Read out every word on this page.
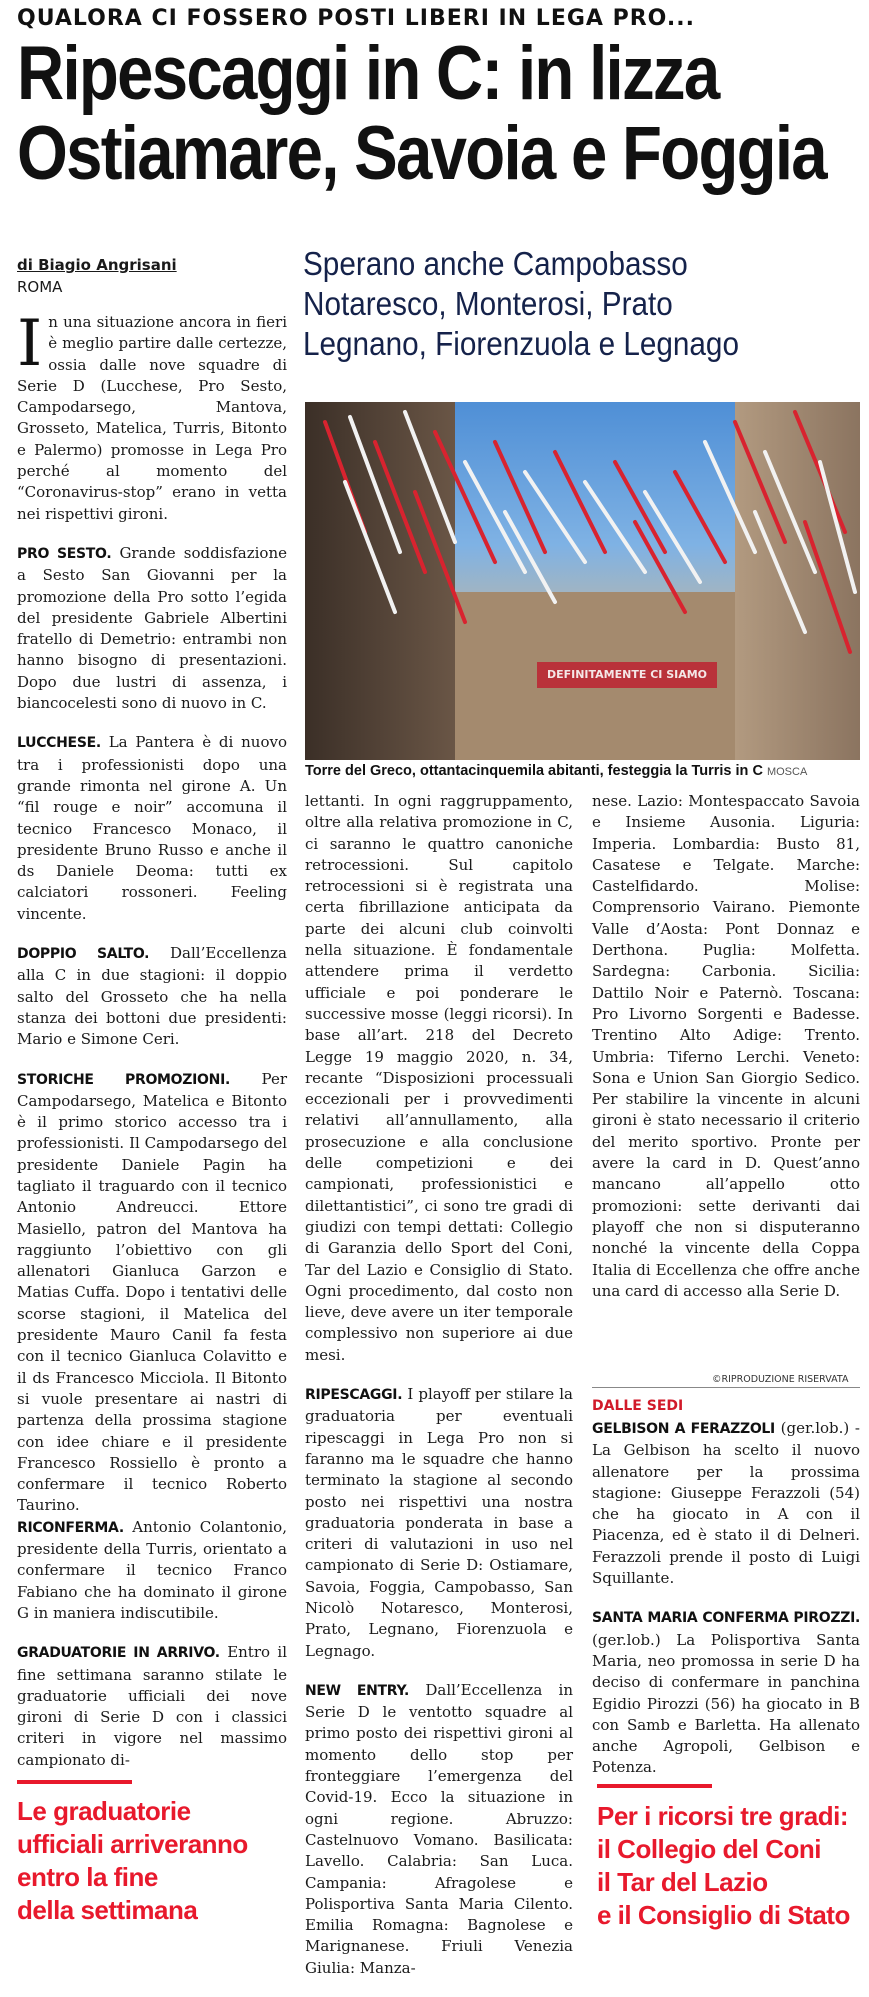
QUALORA CI FOSSERO POSTI LIBERI IN LEGA PRO...
Ripescaggi in C: in lizza
Ostiamare, Savoia e Foggia
di Biagio Angrisani
ROMA
Sperano anche Campobasso
Notaresco, Monterosi, Prato
Legnano, Fiorenzuola e Legnago

In una situazione ancora in fieri è meglio partire dalle certezze, ossia dalle nove squadre di Serie D (Lucchese, Pro Sesto, Campodarsego, Mantova, Grosseto, Matelica, Turris, Bitonto e Palermo) promosse in Lega Pro perché al momento del “Coronavirus-stop” erano in vetta nei rispettivi gironi.

PRO SESTO. Grande soddisfazione a Sesto San Giovanni per la promozione della Pro sotto l’egida del presidente Gabriele Albertini fratello di Demetrio: entrambi non hanno bisogno di presentazioni. Dopo due lustri di assenza, i biancocelesti sono di nuovo in C.

LUCCHESE. La Pantera è di nuovo tra i professionisti dopo una grande rimonta nel girone A. Un “fil rouge e noir” accomuna il tecnico Francesco Monaco, il presidente Bruno Russo e anche il ds Daniele Deoma: tutti ex calciatori rossoneri. Feeling vincente.

DOPPIO SALTO. Dall’Eccellenza alla C in due stagioni: il doppio salto del Grosseto che ha nella stanza dei bottoni due presidenti: Mario e Simone Ceri.

STORICHE PROMOZIONI. Per Campodarsego, Matelica e Bitonto è il primo storico accesso tra i professionisti. Il Campodarsego del presidente Daniele Pagin ha tagliato il traguardo con il tecnico Antonio Andreucci. Ettore Masiello, patron del Mantova ha raggiunto l’obiettivo con gli allenatori Gianluca Garzon e Matias Cuffa. Dopo i tentativi delle scorse stagioni, il Matelica del presidente Mauro Canil fa festa con il tecnico Gianluca Colavitto e il ds Francesco Micciola. Il Bitonto si vuole presentare ai nastri di partenza della prossima stagione con idee chiare e il presidente Francesco Rossiello è pronto a confermare il tecnico Roberto Taurino.

RICONFERMA. Antonio Colantonio, presidente della Turris, orientato a confermare il tecnico Franco Fabiano che ha dominato il girone G in maniera indiscutibile.

GRADUATORIE IN ARRIVO. Entro il fine settimana saranno stilate le graduatorie ufficiali dei nove gironi di Serie D con i classici criteri in vigore nel massimo campionato di-

DEFINITAMENTE CI SIAMO
Torre del Greco, ottantacinquemila abitanti, festeggia la Turris in C MOSCA

lettanti. In ogni raggruppamento, oltre alla relativa promozione in C, ci saranno le quattro canoniche retrocessioni. Sul capitolo retrocessioni si è registrata una certa fibrillazione anticipata da parte dei alcuni club coinvolti nella situazione. È fondamentale attendere prima il verdetto ufficiale e poi ponderare le successive mosse (leggi ricorsi). In base all’art. 218 del Decreto Legge 19 maggio 2020, n. 34, recante “Disposizioni processuali eccezionali per i provvedimenti relativi all’annullamento, alla prosecuzione e alla conclusione delle competizioni e dei campionati, professionistici e dilettantistici”, ci sono tre gradi di giudizi con tempi dettati: Collegio di Garanzia dello Sport del Coni, Tar del Lazio e Consiglio di Stato. Ogni procedimento, dal costo non lieve, deve avere un iter temporale complessivo non superiore ai due mesi.

RIPESCAGGI. I playoff per stilare la graduatoria per eventuali ripescaggi in Lega Pro non si faranno ma le squadre che hanno terminato la stagione al secondo posto nei rispettivi una nostra graduatoria ponderata in base a criteri di valutazioni in uso nel campionato di Serie D: Ostiamare, Savoia, Foggia, Campobasso, San Nicolò Notaresco, Monterosi, Prato, Legnano, Fiorenzuola e Legnago.

NEW ENTRY. Dall’Eccellenza in Serie D le ventotto squadre al primo posto dei rispettivi gironi al momento dello stop per fronteggiare l’emergenza del Covid-19. Ecco la situazione in ogni regione. Abruzzo: Castelnuovo Vomano. Basilicata: Lavello. Calabria: San Luca. Campania: Afragolese e Polisportiva Santa Maria Cilento. Emilia Romagna: Bagnolese e Marignanese. Friuli Venezia Giulia: Manza-

nese. Lazio: Montespaccato Savoia e Insieme Ausonia. Liguria: Imperia. Lombardia: Busto 81, Casatese e Telgate. Marche: Castelfidardo. Molise: Comprensorio Vairano. Piemonte Valle d’Aosta: Pont Donnaz e Derthona. Puglia: Molfetta. Sardegna: Carbonia. Sicilia: Dattilo Noir e Paternò. Toscana: Pro Livorno Sorgenti e Badesse. Trentino Alto Adige: Trento. Umbria: Tiferno Lerchi. Veneto: Sona e Union San Giorgio Sedico. Per stabilire la vincente in alcuni gironi è stato necessario il criterio del merito sportivo. Pronte per avere la card in D. Quest’anno mancano all’appello otto promozioni: sette derivanti dai playoff che non si disputeranno nonché la vincente della Coppa Italia di Eccellenza che offre anche una card di accesso alla Serie D.

©RIPRODUZIONE RISERVATA
DALLE SEDI

GELBISON A FERAZZOLI (ger.lob.) - La Gelbison ha scelto il nuovo allenatore per la prossima stagione: Giuseppe Ferazzoli (54) che ha giocato in A con il Piacenza, ed è stato il di Delneri. Ferazzoli prende il posto di Luigi Squillante.

SANTA MARIA CONFERMA PIROZZI. (ger.lob.) La Polisportiva Santa Maria, neo promossa in serie D ha deciso di confermare in panchina Egidio Pirozzi (56) ha giocato in B con Samb e Barletta. Ha allenato anche Agropoli, Gelbison e Potenza.

Le graduatorie
ufficiali arriveranno
entro la fine
della settimana
Per i ricorsi tre gradi:
il Collegio del Coni
il Tar del Lazio
e il Consiglio di Stato
